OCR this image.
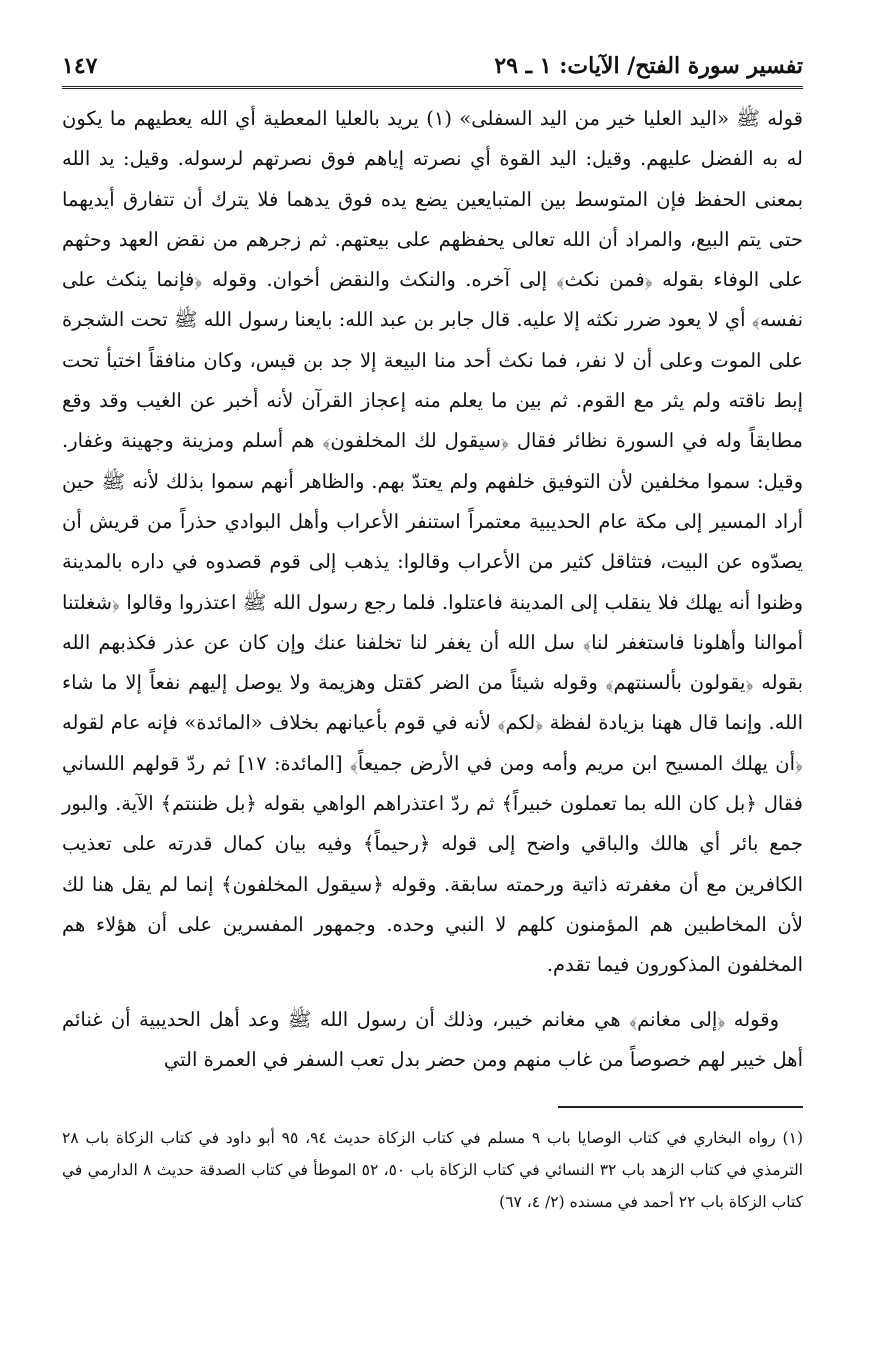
تفسير سورة الفتح/ الآيات: ١ ـ ٢٩
١٤٧

قوله ﷺ «اليد العليا خير من اليد السفلى» (١) يريد بالعليا المعطية أي الله يعطيهم ما يكون له به الفضل عليهم. وقيل: اليد القوة أي نصرته إياهم فوق نصرتهم لرسوله. وقيل: يد الله بمعنى الحفظ فإن المتوسط بين المتبايعين يضع يده فوق يدهما فلا يترك أن تتفارق أيديهما حتى يتم البيع، والمراد أن الله تعالى يحفظهم على بيعتهم. ثم زجرهم من نقض العهد وحثهم على الوفاء بقوله ﴿فمن نكث﴾ إلى آخره. والنكث والنقض أخوان. وقوله ﴿فإنما ينكث على نفسه﴾ أي لا يعود ضرر نكثه إلا عليه. قال جابر بن عبد الله: بايعنا رسول الله ﷺ تحت الشجرة على الموت وعلى أن لا نفر، فما نكث أحد منا البيعة إلا جد بن قيس، وكان منافقاً اختبأ تحت إبط ناقته ولم يثر مع القوم. ثم بين ما يعلم منه إعجاز القرآن لأنه أخبر عن الغيب وقد وقع مطابقاً وله في السورة نظائر فقال ﴿سيقول لك المخلفون﴾ هم أسلم ومزينة وجهينة وغفار. وقيل: سموا مخلفين لأن التوفيق خلفهم ولم يعتدّ بهم. والظاهر أنهم سموا بذلك لأنه ﷺ حين أراد المسير إلى مكة عام الحديبية معتمراً استنفر الأعراب وأهل البوادي حذراً من قريش أن يصدّوه عن البيت، فتثاقل كثير من الأعراب وقالوا: يذهب إلى قوم قصدوه في داره بالمدينة وظنوا أنه يهلك فلا ينقلب إلى المدينة فاعتلوا. فلما رجع رسول الله ﷺ اعتذروا وقالوا ﴿شغلتنا أموالنا وأهلونا فاستغفر لنا﴾ سل الله أن يغفر لنا تخلفنا عنك وإن كان عن عذر فكذبهم الله بقوله ﴿يقولون بألسنتهم﴾ وقوله شيئاً من الضر كقتل وهزيمة ولا يوصل إليهم نفعاً إلا ما شاء الله. وإنما قال ههنا بزيادة لفظة ﴿لكم﴾ لأنه في قوم بأعيانهم بخلاف «المائدة» فإنه عام لقوله ﴿أن يهلك المسيح ابن مريم وأمه ومن في الأرض جميعاً﴾ [المائدة: ١٧] ثم ردّ قولهم اللساني فقال ﴿بل كان الله بما تعملون خبيراً﴾ ثم ردّ اعتذراهم الواهي بقوله ﴿بل ظننتم﴾ الآية. والبور جمع بائر أي هالك والباقي واضح إلى قوله ﴿رحيماً﴾ وفيه بيان كمال قدرته على تعذيب الكافرين مع أن مغفرته ذاتية ورحمته سابقة. وقوله ﴿سيقول المخلفون﴾ إنما لم يقل هنا لك لأن المخاطبين هم المؤمنون كلهم لا النبي وحده. وجمهور المفسرين على أن هؤلاء هم المخلفون المذكورون فيما تقدم.

وقوله ﴿إلى مغانم﴾ هي مغانم خيبر، وذلك أن رسول الله ﷺ وعد أهل الحديبية أن غنائم أهل خيبر لهم خصوصاً من غاب منهم ومن حضر بدل تعب السفر في العمرة التي

(١) رواه البخاري في كتاب الوصايا باب ٩ مسلم في كتاب الزكاة حديث ٩٤، ٩٥ أبو داود في كتاب الزكاة باب ٢٨ الترمذي في كتاب الزهد باب ٣٢ النسائي في كتاب الزكاة باب ٥٠، ٥٢ الموطأ في كتاب الصدقة حديث ٨ الدارمي في كتاب الزكاة باب ٢٢ أحمد في مسنده (٢/ ٤، ٦٧)
